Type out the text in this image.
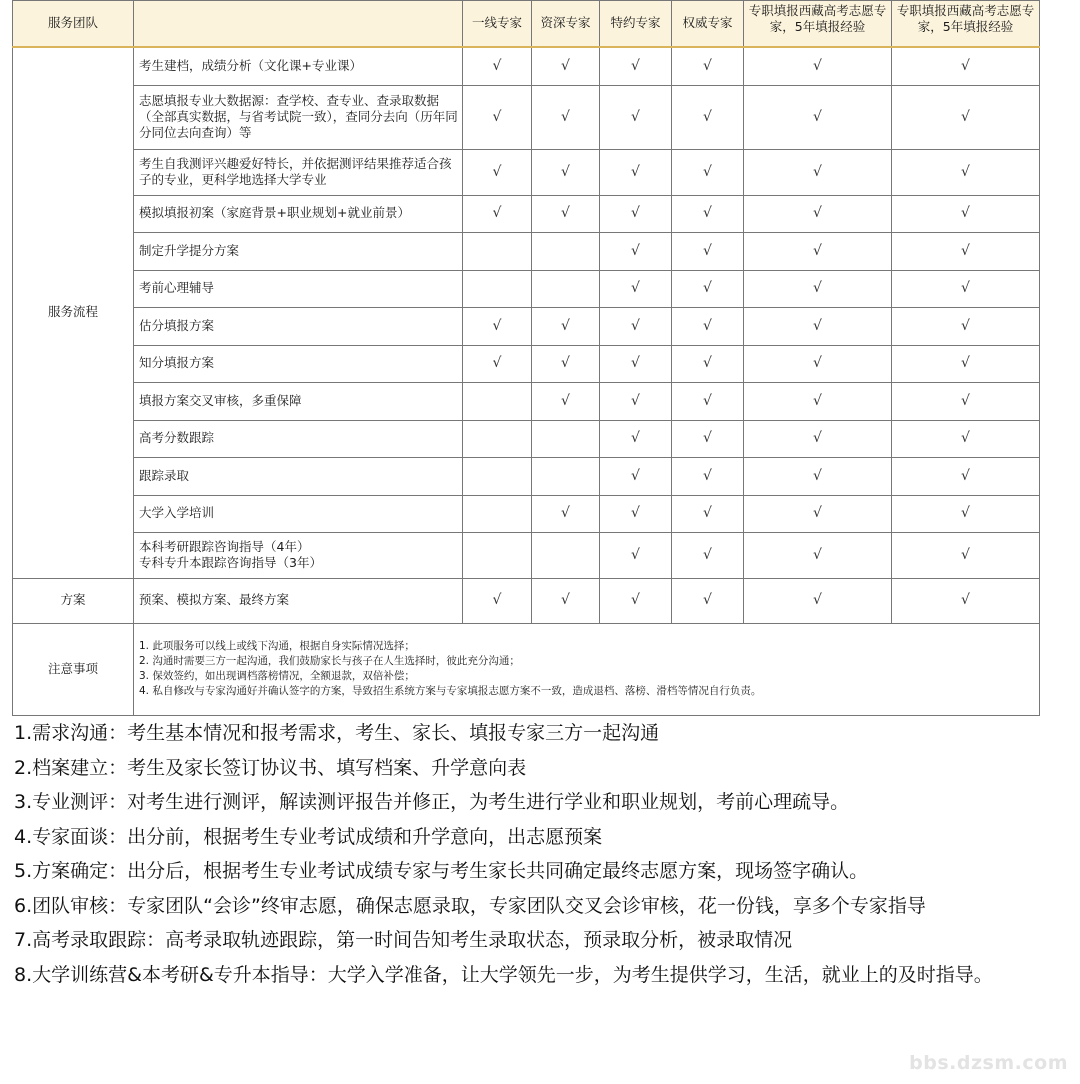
服务团队		一线专家	资深专家	特约专家	权威专家	专职填报西藏高考志愿专家，5年填报经验	专职填报西藏高考志愿专家，5年填报经验
服务流程	考生建档，成绩分析（文化课+专业课）	√	√	√	√	√	√
	志愿填报专业大数据源：查学校、查专业、查录取数据（全部真实数据，与省考试院一致），查同分去向（历年同分同位去向查询）等	√	√	√	√	√	√
	考生自我测评兴趣爱好特长，并依据测评结果推荐适合孩子的专业，更科学地选择大学专业	√	√	√	√	√	√
	模拟填报初案（家庭背景+职业规划+就业前景）	√	√	√	√	√	√
	制定升学提分方案			√	√	√	√
	考前心理辅导			√	√	√	√
	估分填报方案	√	√	√	√	√	√
	知分填报方案	√	√	√	√	√	√
	填报方案交叉审核，多重保障		√	√	√	√	√
	高考分数跟踪			√	√	√	√
	跟踪录取			√	√	√	√
	大学入学培训		√	√	√	√	√
	本科考研跟踪咨询指导（4年）
专科专升本跟踪咨询指导（3年）			√	√	√	√
方案	预案、模拟方案、最终方案	√	√	√	√	√	√
注意事项	1. 此项服务可以线上或线下沟通，根据自身实际情况选择；
2. 沟通时需要三方一起沟通，我们鼓励家长与孩子在人生选择时，彼此充分沟通；
3. 保效签约，如出现调档落榜情况，全额退款，双倍补偿；
4. 私自修改与专家沟通好并确认签字的方案，导致招生系统方案与专家填报志愿方案不一致，造成退档、落榜、滑档等情况自行负责。						

1.需求沟通：考生基本情况和报考需求，考生、家长、填报专家三方一起沟通

2.档案建立：考生及家长签订协议书、填写档案、升学意向表

3.专业测评：对考生进行测评，解读测评报告并修正，为考生进行学业和职业规划，考前心理疏导。

4.专家面谈：出分前，根据考生专业考试成绩和升学意向，出志愿预案

5.方案确定：出分后，根据考生专业考试成绩专家与考生家长共同确定最终志愿方案，现场签字确认。

6.团队审核：专家团队“会诊”终审志愿，确保志愿录取，专家团队交叉会诊审核，花一份钱，享多个专家指导

7.高考录取跟踪：高考录取轨迹跟踪，第一时间告知考生录取状态，预录取分析，被录取情况

8.大学训练营&本考研&专升本指导：大学入学准备，让大学领先一步，为考生提供学习，生活，就业上的及时指导。

bbs.dzsm.com
